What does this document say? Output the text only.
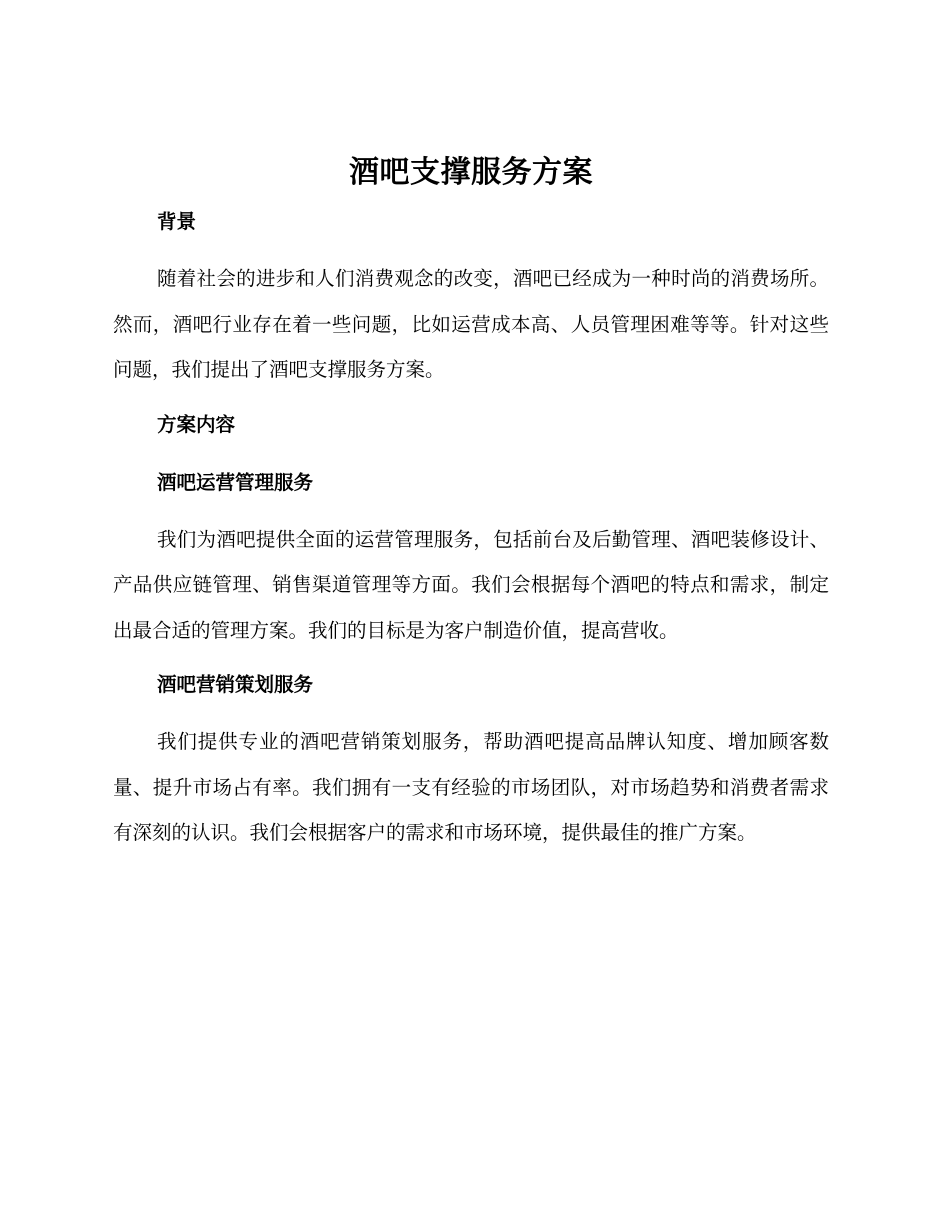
酒吧支撑服务方案
背景

随着社会的进步和人们消费观念的改变，酒吧已经成为一种时尚的消费场所。然而，酒吧行业存在着一些问题，比如运营成本高、人员管理困难等等。针对这些问题，我们提出了酒吧支撑服务方案。

方案内容
酒吧运营管理服务

我们为酒吧提供全面的运营管理服务，包括前台及后勤管理、酒吧装修设计、产品供应链管理、销售渠道管理等方面。我们会根据每个酒吧的特点和需求，制定出最合适的管理方案。我们的目标是为客户制造价值，提高营收。

酒吧营销策划服务

我们提供专业的酒吧营销策划服务，帮助酒吧提高品牌认知度、增加顾客数量、提升市场占有率。我们拥有一支有经验的市场团队，对市场趋势和消费者需求有深刻的认识。我们会根据客户的需求和市场环境，提供最佳的推广方案。
